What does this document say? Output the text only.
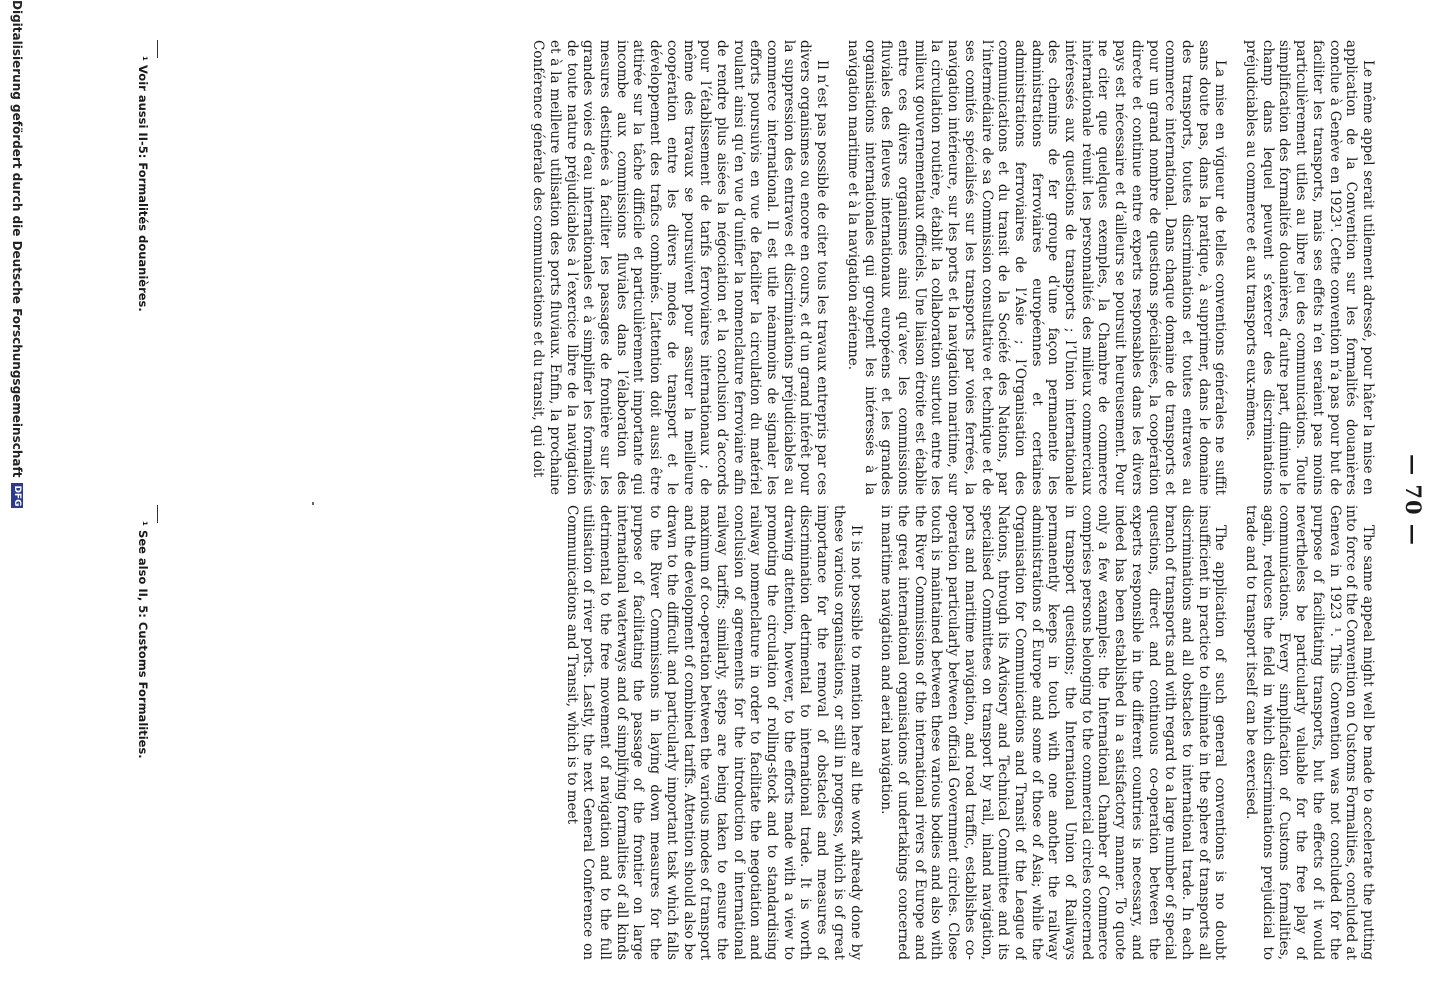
— 70 —

Le même appel serait utilement adressé, pour hâter la mise en application de la Convention sur les formalités douanières conclue à Genève en 1923¹. Cette convention n’a pas pour but de faciliter les transports, mais ses effets n’en seraient pas moins particulièrement utiles au libre jeu des communications. Toute simplification des formalités douanières, d’autre part, diminue le champ dans lequel peuvent s’exercer des discriminations préjudiciables au commerce et aux transports eux-mêmes.

La mise en vigueur de telles conventions générales ne suffit sans doute pas, dans la pratique, à supprimer, dans le domaine des transports, toutes discriminations et toutes entraves au commerce international. Dans chaque domaine de transports et pour un grand nombre de questions spécialisées, la coopération directe et continue entre experts responsables dans les divers pays est nécessaire et d’ailleurs se poursuit heureusement. Pour ne citer que quelques exemples, la Chambre de commerce internationale réunit les personnalités des milieux commerciaux intéressés aux questions de transports ; l’Union internationale des chemins de fer groupe d’une façon permanente les administrations ferroviaires européennes et certaines administrations ferroviaires de l’Asie ; l’Organisation des communications et du transit de la Société des Nations, par l’intermédiaire de sa Commission consultative et technique et de ses comités spécialisés sur les transports par voies ferrées, la navigation intérieure, sur les ports et la navigation maritime, sur la circulation routière, établit la collaboration surtout entre les milieux gouvernementaux officiels. Une liaison étroite est établie entre ces divers organismes ainsi qu’avec les commissions fluviales des fleuves internationaux européens et les grandes organisations internationales qui groupent les intéressés à la navigation maritime et à la navigation aérienne.

Il n’est pas possible de citer tous les travaux entrepris par ces divers organismes ou encore en cours, et d’un grand intérêt pour la suppression des entraves et discriminations préjudiciables au commerce international. Il est utile néanmoins de signaler les efforts poursuivis en vue de faciliter la circulation du matériel roulant ainsi qu’en vue d’unifier la nomenclature ferroviaire afin de rendre plus aisées la négociation et la conclusion d’accords pour l’établissement de tarifs ferroviaires internationaux ; de même des travaux se poursuivent pour assurer la meilleure coopération entre les divers modes de transport et le développement des trafics combinés. L’attention doit aussi être attirée sur la tâche difficile et particulièrement importante qui incombe aux commissions fluviales dans l’élaboration des mesures destinées à faciliter les passages de frontière sur les grandes voies d’eau internationales et à simplifier les formalités de toute nature préjudiciables à l’exercice libre de la navigation et à la meilleure utilisation des ports fluviaux. Enfin, la prochaine Conférence générale des communications et du transit, qui doit

¹ Voir aussi II-5: Formalités douanières.

The same appeal might well be made to accelerate the putting into force of the Convention on Customs Formalities, concluded at Geneva in 1923 ¹. This Convention was not concluded for the purpose of facilitating transports, but the effects of it would nevertheless be particularly valuable for the free play of communications. Every simplification of Customs formalities, again, reduces the field in which discriminations prejudicial to trade and to transport itself can be exercised.

The application of such general conventions is no doubt insufficient in practice to eliminate in the sphere of transports all discriminations and all obstacles to international trade. In each branch of transports and with regard to a large number of special questions, direct and continuous co-operation between the experts responsible in the different countries is necessary, and indeed has been established in a satisfactory manner. To quote only a few examples: the International Chamber of Commerce comprises persons belonging to the commercial circles concerned in transport questions; the International Union of Railways permanently keeps in touch with one another the railway administrations of Europe and some of those of Asia; while the Organisation for Communications and Transit of the League of Nations, through its Advisory and Technical Committee and its specialised Committees on transport by rail, inland navigation, ports and maritime navigation, and road traffic, establishes co-operation particularly between official Government circles. Close touch is maintained between these various bodies and also with the River Commissions of the international rivers of Europe and the great international organisations of undertakings concerned in maritime navigation and aerial navigation.

It is not possible to mention here all the work already done by these various organisations, or still in progress, which is of great importance for the removal of obstacles and measures of discrimination detrimental to international trade. It is worth drawing attention, however, to the efforts made with a view to promoting the circulation of rolling-stock and to standardising railway nomenclature in order to facilitate the negotiation and conclusion of agreements for the introduction of international railway tariffs; similarly, steps are being taken to ensure the maximum of co-operation between the various modes of transport and the development of combined tariffs. Attention should also be drawn to the difficult and particularly important task which falls to the River Commissions in laying down measures for the purpose of facilitating the passage of the frontier on large international waterways and of simplifying formalities of all kinds detrimental to the free movement of navigation and to the full utilisation of river ports. Lastly, the next General Conference on Communications and Transit, which is to meet

¹ See also II, 5: Customs Formalities.
Digitalisierung gefördert durch die Deutsche Forschungsgemeinschaft
DFG
